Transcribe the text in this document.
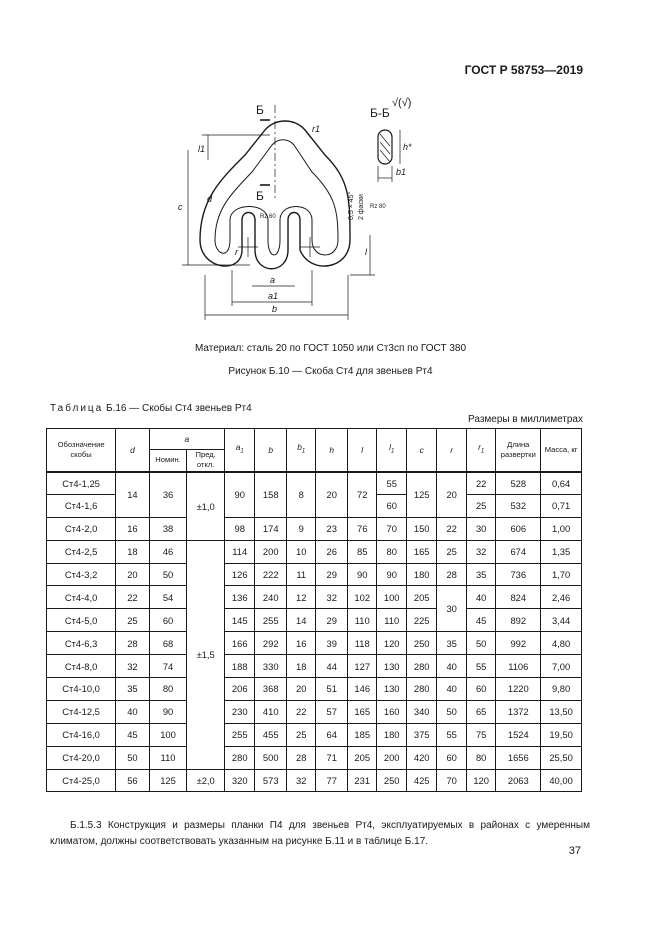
ГОСТ Р 58753—2019
Б
Б
Б-Б
√(√)
c
l1
r1
d
r	l
a
a1
b
b1
h*
Rz 60
Rz 80
0,5 × 45° 2 фаски
Материал: сталь 20 по ГОСТ 1050 или Ст3сп по ГОСТ 380
Рисунок Б.10 — Скоба Ст4 для звеньев Рт4
Таблица Б.16 — Скобы Ст4 звеньев Рт4
Размеры в миллиметрах
Обозначение скобы	d	a		$a_1$	b	$b_1$	h	l	$l_1$	c	r	$r_1$	Длина развертки	Масса, кг
		Номин.	Пред. откл.											
Ст4-1,25	14	36	±1,0	90	158	8	20	72	55	125	20	22	528	0,64
Ст4-1,6									60			25	532	0,71
Ст4-2,0	16	38		98	174	9	23	76	70	150	22	30	606	1,00
Ст4-2,5	18	46	±1,5	114	200	10	26	85	80	165	25	32	674	1,35
Ст4-3,2	20	50		126	222	11	29	90	90	180	28	35	736	1,70
Ст4-4,0	22	54		136	240	12	32	102	100	205	30	40	824	2,46
Ст4-5,0	25	60		145	255	14	29	110	110	225		45	892	3,44
Ст4-6,3	28	68		166	292	16	39	118	120	250	35	50	992	4,80
Ст4-8,0	32	74		188	330	18	44	127	130	280	40	55	1106	7,00
Ст4-10,0	35	80		206	368	20	51	146	130	280	40	60	1220	9,80
Ст4-12,5	40	90		230	410	22	57	165	160	340	50	65	1372	13,50
Ст4-16,0	45	100		255	455	25	64	185	180	375	55	75	1524	19,50
Ст4-20,0	50	110		280	500	28	71	205	200	420	60	80	1656	25,50
Ст4-25,0	56	125	±2,0	320	573	32	77	231	250	425	70	120	2063	40,00

Б.1.5.3 Конструкция и размеры планки П4 для звеньев Рт4, эксплуатируемых в районах с умеренным климатом, должны соответствовать указанным на рисунке Б.11 и в таблице Б.17.

37
